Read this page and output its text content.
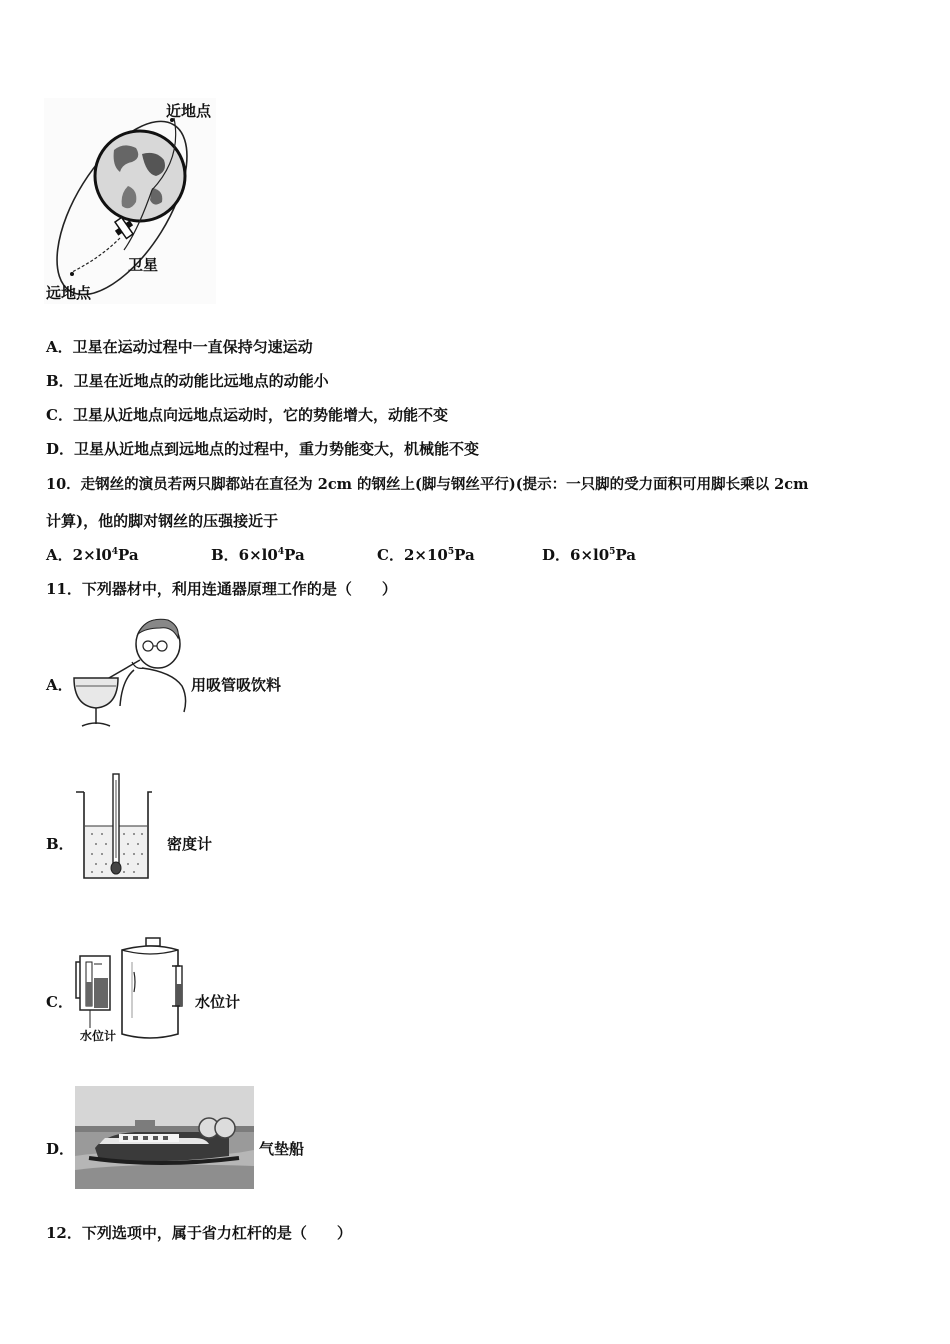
近地点
卫星
远地点
A．卫星在运动过程中一直保持匀速运动
B．卫星在近地点的动能比远地点的动能小
C．卫星从近地点向远地点运动时，它的势能增大，动能不变
D．卫星从近地点到远地点的过程中，重力势能变大，机械能不变
10．走钢丝的演员若两只脚都站在直径为 2cm 的钢丝上(脚与钢丝平行)(提示：一只脚的受力面积可用脚长乘以 2cm
计算)，他的脚对钢丝的压强接近于
A．$2\times l0^4Pa$	B．$6\times l0^4Pa$	C．$2\times 10^5Pa$	D．$6\times l0^5Pa$
11．下列器材中，利用连通器原理工作的是（　　）
A．	用吸管吸饮料
B．	密度计
C．
水位计
水位计
D．	气垫船
12．下列选项中，属于省力杠杆的是（　　）
